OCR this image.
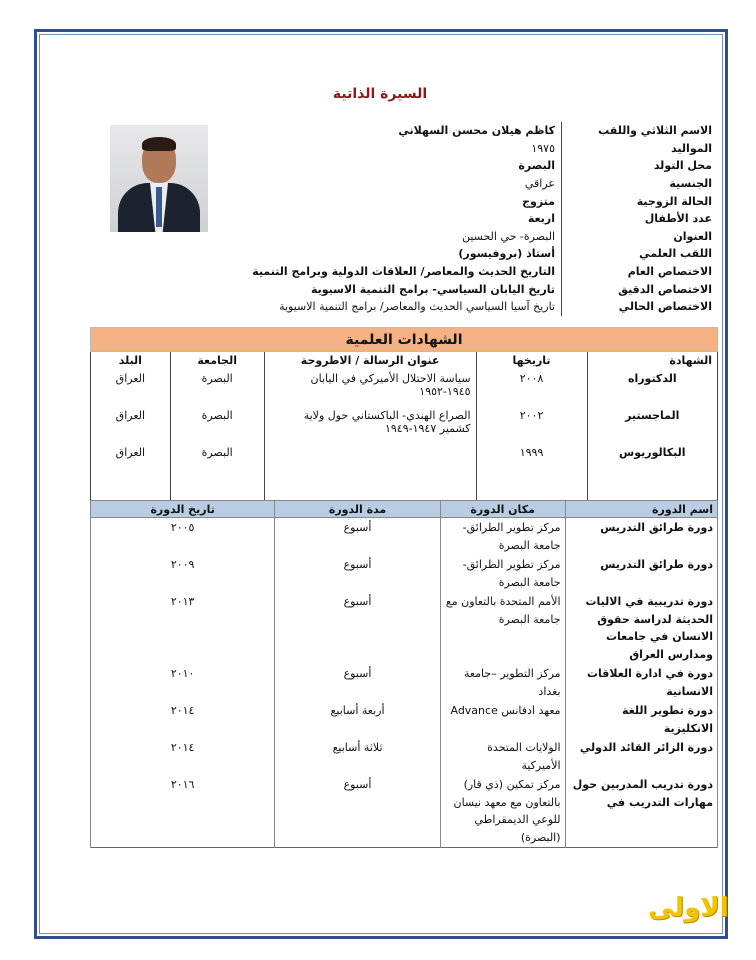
السيرة الذاتية
الاسم الثلاثي واللقب
كاظم هيلان محسن السهلاني
المواليد
١٩٧٥
محل التولد
البصرة
الجنسية
عراقي
الحالة الزوجية
متزوج
عدد الأطفال
اربعة
العنوان
البصرة- حي الحسين
اللقب العلمي
أستاذ (بروفيسور)
الاختصاص العام
التاريخ الحديث والمعاصر/ العلاقات الدولية وبرامج التنمية
الاختصاص الدقيق
تاريخ اليابان السياسي- برامج التنمية الاسيوية
الاختصاص الحالي
تاريخ آسيا السياسي الحديث والمعاصر/ برامج التنمية الاسيوية
الشهادات العلمية
الشهادة	تاريخها	عنوان الرسالة / الاطروحة	الجامعة	البلد
الدكتوراه	٢٠٠٨	سياسة الاحتلال الأميركي في اليابان ١٩٤٥-١٩٥٢	البصرة	العراق
الماجستير	٢٠٠٢	الصراع الهندي- الباكستاني حول ولاية كشمير ١٩٤٧-١٩٤٩	البصرة	العراق
البكالوريوس	١٩٩٩		البصرة	العراق

اسم الدورة	مكان الدورة	مدة الدورة	تاريخ الدورة
دورة طرائق التدريس	مركز تطوير الطرائق- جامعة البصرة	أسبوع	٢٠٠٥
دورة طرائق التدريس	مركز تطوير الطرائق- جامعة البصرة	أسبوع	٢٠٠٩
دورة تدريبية في الاليات الحديثة لدراسة حقوق الانسان في جامعات ومدارس العراق	الأمم المتحدة بالتعاون مع جامعة البصرة	أسبوع	٢٠١٣
دورة في ادارة العلاقات الانسانية	مركز التطوير –جامعة بغداد	أسبوع	٢٠١٠
دورة تطوير اللغة الانكليزية	معهد ادفانس Advance	أربعة أسابيع	٢٠١٤
دورة الزائر القائد الدولي	الولايات المتحدة الأميركية	ثلاثة أسابيع	٢٠١٤
دورة تدريب المدربين حول مهارات التدريب في	مركز تمكين (ذي قار) بالتعاون مع معهد نيسان للوعي الديمقراطي (البصرة)	أسبوع	٢٠١٦
الاولى
